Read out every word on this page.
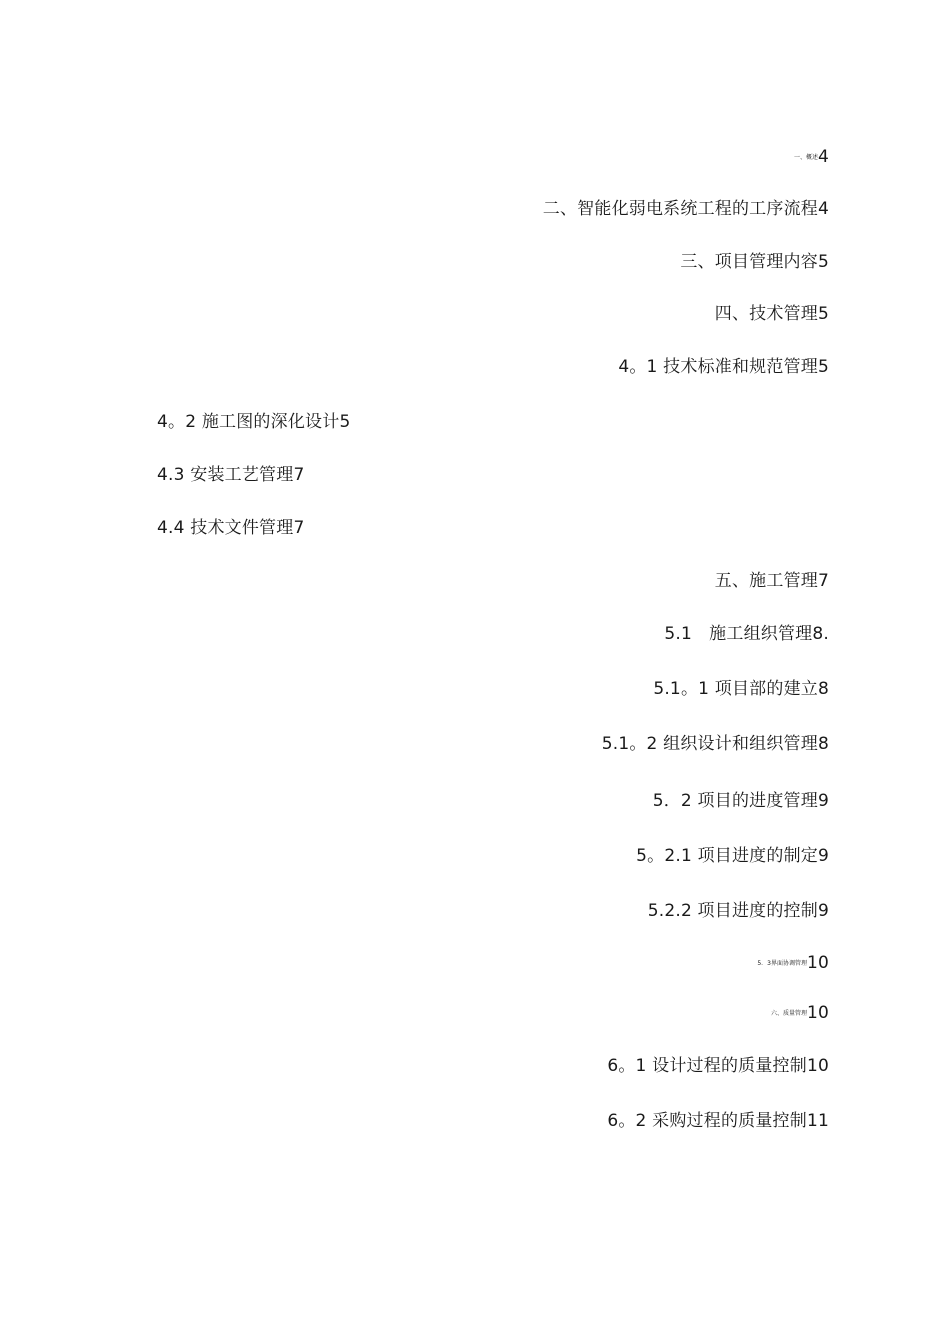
一、概述4
二、智能化弱电系统工程的工序流程4
三、项目管理内容5
四、技术管理5
4。1 技术标准和规范管理5
4。2 施工图的深化设计5
4.3 安装工艺管理7
4.4 技术文件管理7
五、施工管理7
5.1　施工组织管理8.
5.1。1 项目部的建立8
5.1。2 组织设计和组织管理8
5．2 项目的进度管理9
5。2.1 项目进度的制定9
5.2.2 项目进度的控制9
5．3界面协调管理10
六、质量管理10
6。1 设计过程的质量控制10
6。2 采购过程的质量控制11
